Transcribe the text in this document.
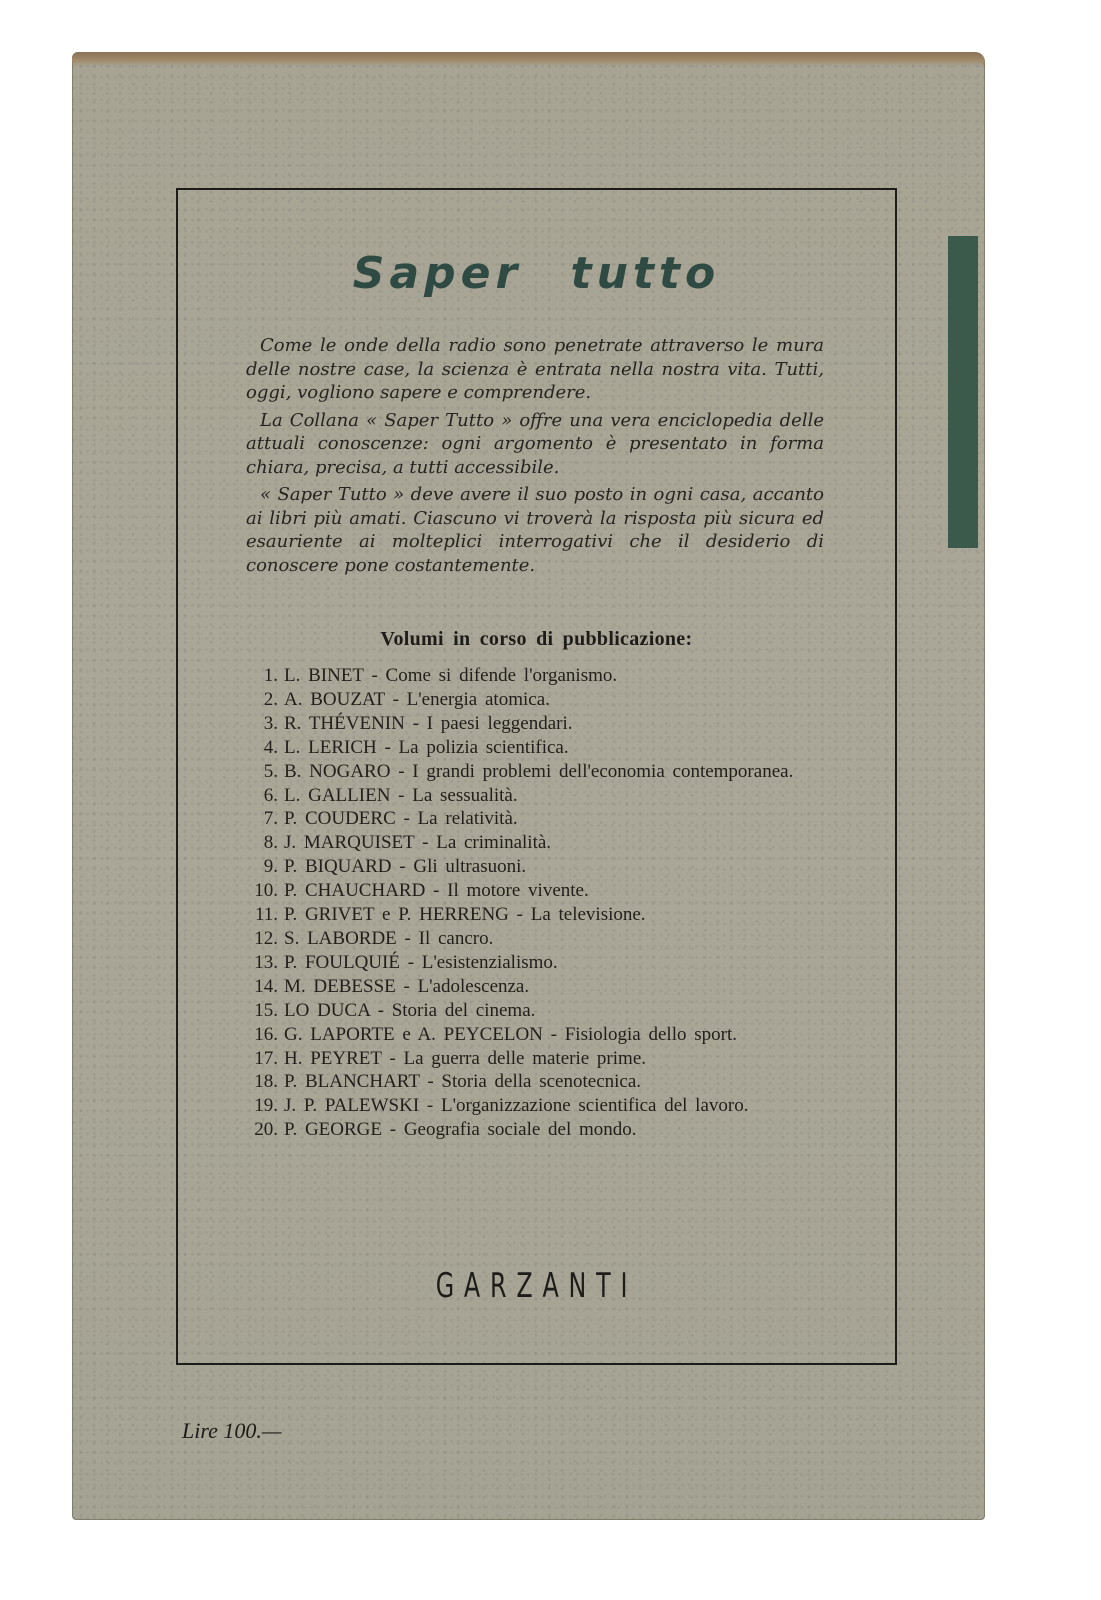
Saper tutto

Come le onde della radio sono penetrate attraverso le mura delle nostre case, la scienza è entrata nella nostra vita. Tutti, oggi, vogliono sapere e comprendere.

La Collana « Saper Tutto » offre una vera enciclopedia delle attuali conoscenze: ogni argomento è presentato in forma chiara, precisa, a tutti accessibile.

« Saper Tutto » deve avere il suo posto in ogni casa, accanto ai libri più amati. Ciascuno vi troverà la risposta più sicura ed esauriente ai molteplici interrogativi che il desiderio di conoscere pone costantemente.

Volumi in corso di pubblicazione:
1. L. BINET - Come si difende l'organismo.
2. A. BOUZAT - L'energia atomica.
3. R. THÉVENIN - I paesi leggendari.
4. L. LERICH - La polizia scientifica.
5. B. NOGARO - I grandi problemi dell'economia contemporanea.
6. L. GALLIEN - La sessualità.
7. P. COUDERC - La relatività.
8. J. MARQUISET - La criminalità.
9. P. BIQUARD - Gli ultrasuoni.
10. P. CHAUCHARD - Il motore vivente.
11. P. GRIVET e P. HERRENG - La televisione.
12. S. LABORDE - Il cancro.
13. P. FOULQUIÉ - L'esistenzialismo.
14. M. DEBESSE - L'adolescenza.
15. LO DUCA - Storia del cinema.
16. G. LAPORTE e A. PEYCELON - Fisiologia dello sport.
17. H. PEYRET - La guerra delle materie prime.
18. P. BLANCHART - Storia della scenotecnica.
19. J. P. PALEWSKI - L'organizzazione scientifica del lavoro.
20. P. GEORGE - Geografia sociale del mondo.
GARZANTI
Lire 100.—
